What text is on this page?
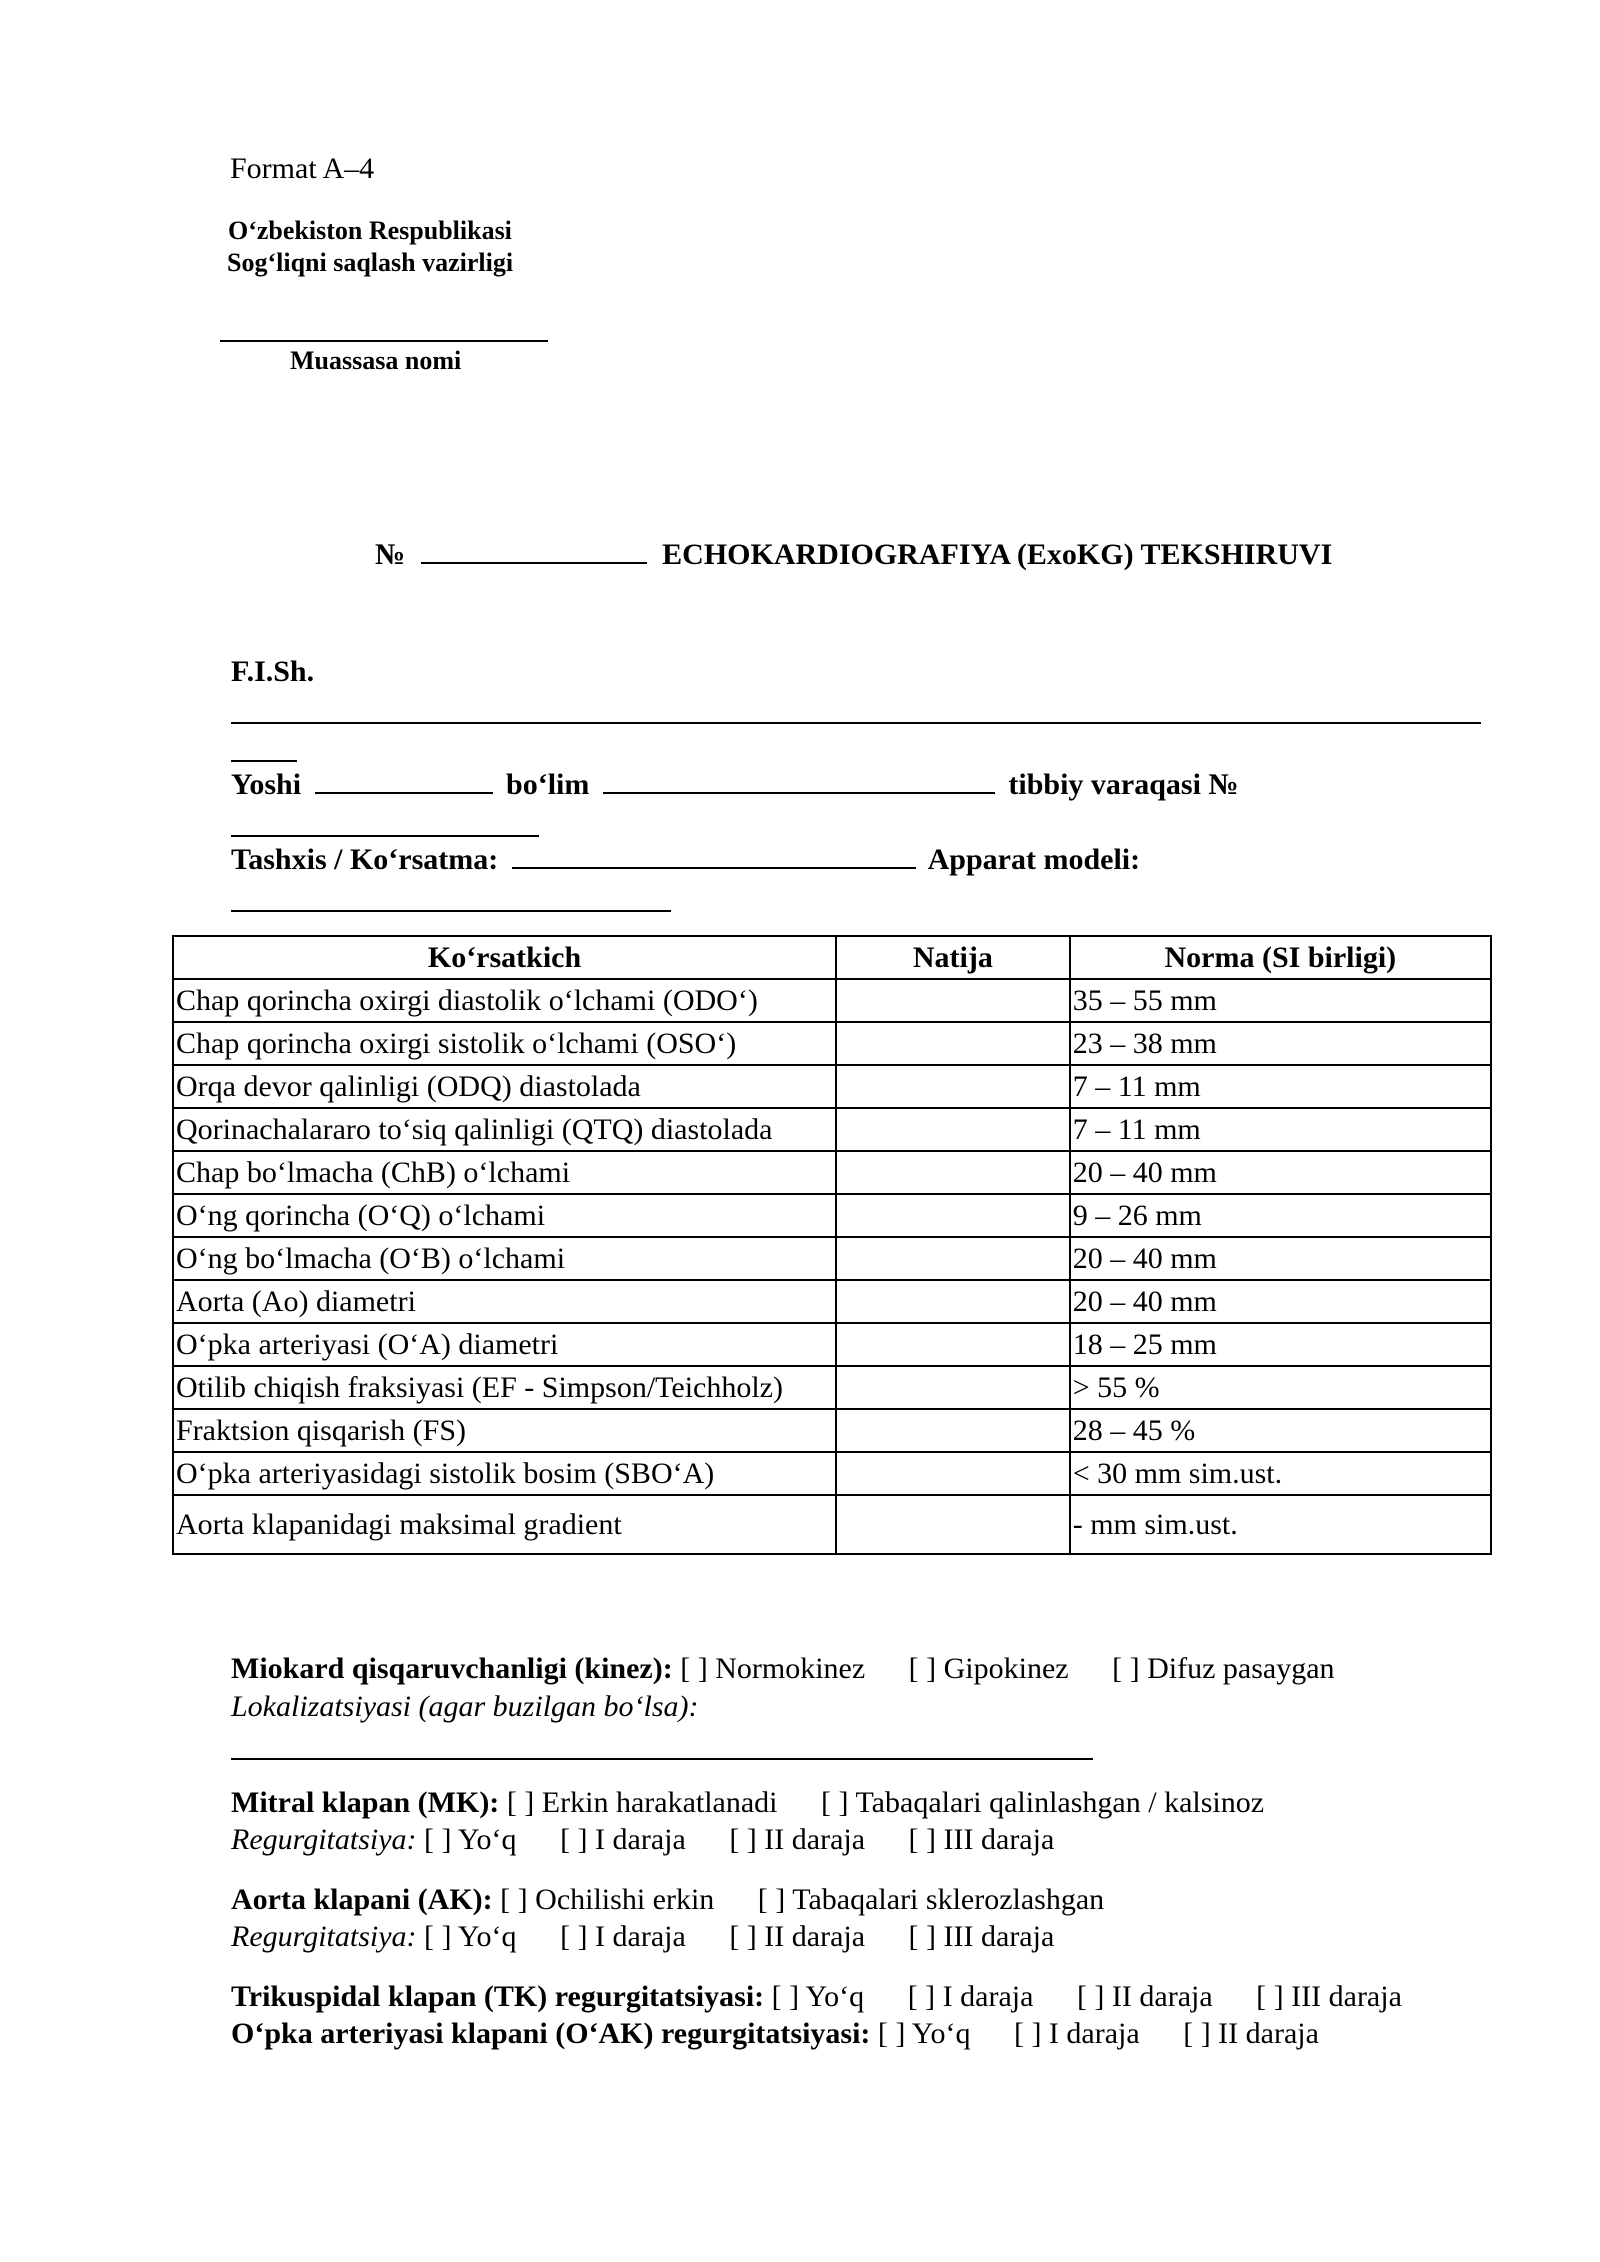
Format A–4
O‘zbekiston Respublikasi
Sog‘liqni saqlash vazirligi
Muassasa nomi
№	ECHOKARDIOGRAFIYA (ExoKG) TEKSHIRUVI
F.I.Sh.
Yoshi	bo‘lim	tibbiy varaqasi №
Tashxis / Ko‘rsatma:	Apparat modeli:
Ko‘rsatkich	Natija	Norma (SI birligi)
Chap qorincha oxirgi diastolik o‘lchami (ODO‘)		35 – 55 mm
Chap qorincha oxirgi sistolik o‘lchami (OSO‘)		23 – 38 mm
Orqa devor qalinligi (ODQ) diastolada		7 – 11 mm
Qorinachalararo to‘siq qalinligi (QTQ) diastolada		7 – 11 mm
Chap bo‘lmacha (ChB) o‘lchami		20 – 40 mm
O‘ng qorincha (O‘Q) o‘lchami		9 – 26 mm
O‘ng bo‘lmacha (O‘B) o‘lchami		20 – 40 mm
Aorta (Ao) diametri		20 – 40 mm
O‘pka arteriyasi (O‘A) diametri		18 – 25 mm
Otilib chiqish fraksiyasi (EF - Simpson/Teichholz)		> 55 %
Fraktsion qisqarish (FS)		28 – 45 %
O‘pka arteriyasidagi sistolik bosim (SBO‘A)		< 30 mm sim.ust.
Aorta klapanidagi maksimal gradient		- mm sim.ust.
Miokard qisqaruvchanligi (kinez): [ ] Normokinez [ ] Gipokinez [ ] Difuz pasaygan
Lokalizatsiyasi (agar buzilgan bo‘lsa):
Mitral klapan (MK): [ ] Erkin harakatlanadi [ ] Tabaqalari qalinlashgan / kalsinoz
Regurgitatsiya: [ ] Yo‘q [ ] I daraja [ ] II daraja [ ] III daraja
Aorta klapani (AK): [ ] Ochilishi erkin [ ] Tabaqalari sklerozlashgan
Regurgitatsiya: [ ] Yo‘q [ ] I daraja [ ] II daraja [ ] III daraja
Trikuspidal klapan (TK) regurgitatsiyasi: [ ] Yo‘q [ ] I daraja [ ] II daraja [ ] III daraja
O‘pka arteriyasi klapani (O‘AK) regurgitatsiyasi: [ ] Yo‘q [ ] I daraja [ ] II daraja
